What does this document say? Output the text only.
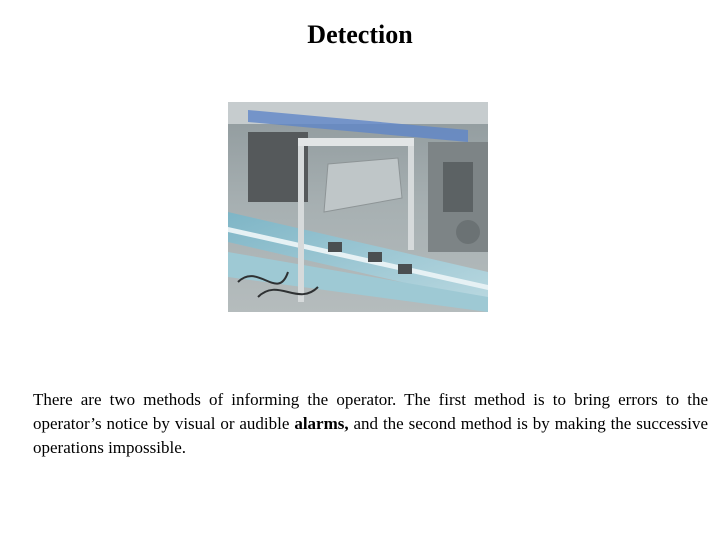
Detection
There are two methods of informing the operator. The first method is to bring errors to the operator’s notice by visual or audible alarms, and the second method is by making the successive operations impossible.
